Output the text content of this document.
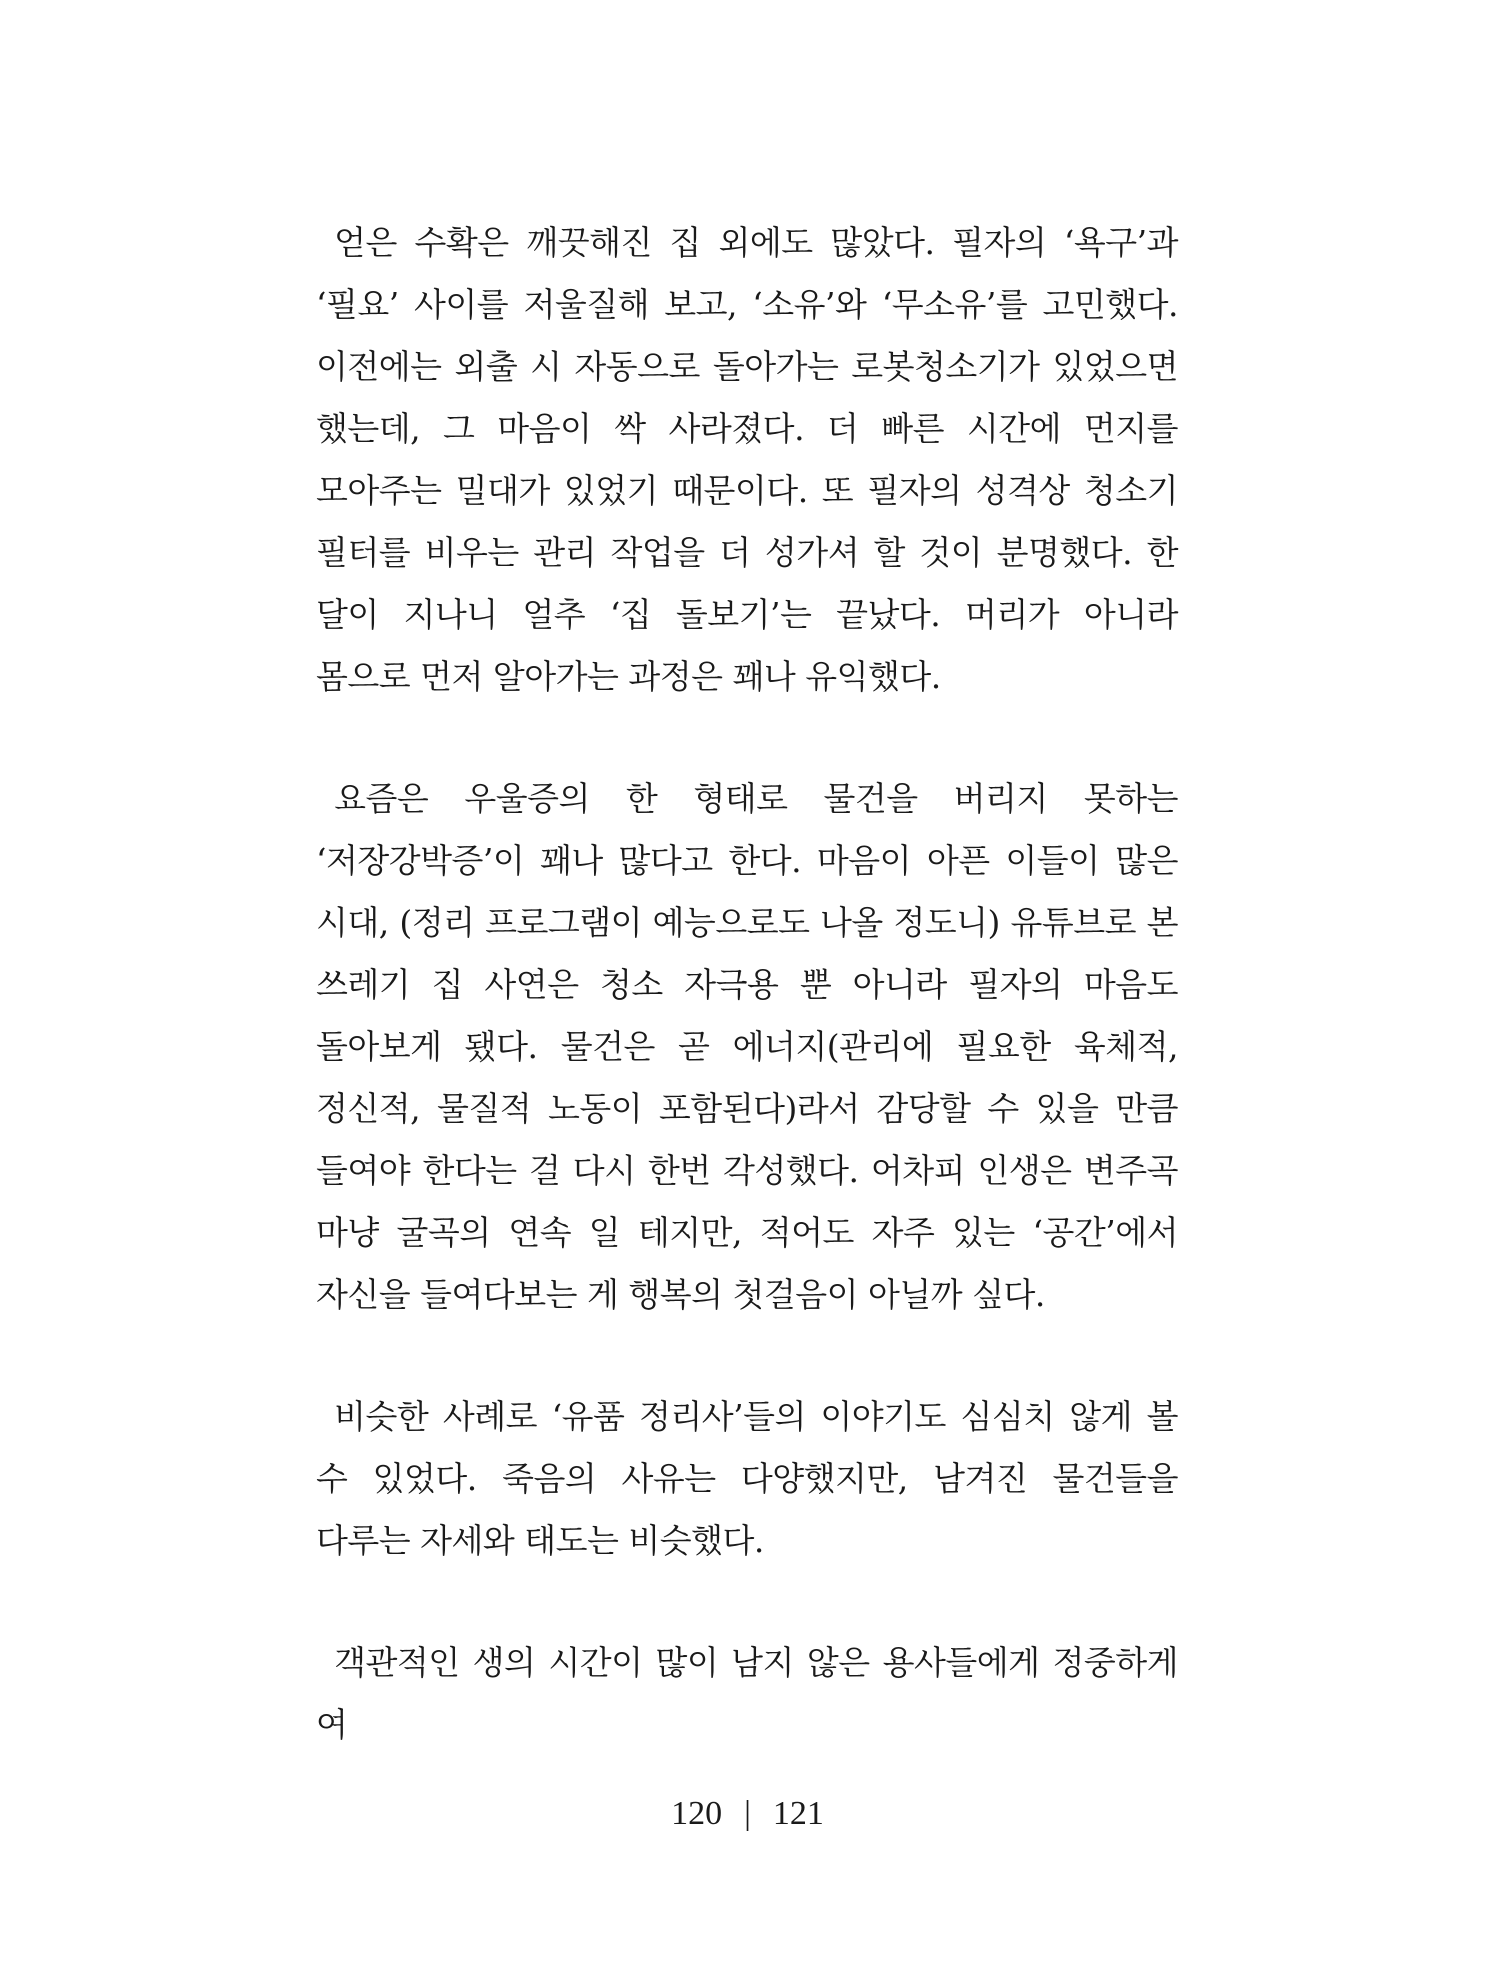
얻은 수확은 깨끗해진 집 외에도 많았다. 필자의 ‘욕구’과 ‘필요’ 사이를 저울질해 보고, ‘소유’와 ‘무소유’를 고민했다. 이전에는 외출 시 자동으로 돌아가는 로봇청소기가 있었으면 했는데, 그 마음이 싹 사라졌다. 더 빠른 시간에 먼지를 모아주는 밀대가 있었기 때문이다. 또 필자의 성격상 청소기 필터를 비우는 관리 작업을 더 성가셔 할 것이 분명했다. 한 달이 지나니 얼추 ‘집 돌보기’는 끝났다. 머리가 아니라 몸으로 먼저 알아가는 과정은 꽤나 유익했다.

요즘은 우울증의 한 형태로 물건을 버리지 못하는 ‘저장강박증’이 꽤나 많다고 한다. 마음이 아픈 이들이 많은 시대, (정리 프로그램이 예능으로도 나올 정도니) 유튜브로 본 쓰레기 집 사연은 청소 자극용 뿐 아니라 필자의 마음도 돌아보게 됐다. 물건은 곧 에너지(관리에 필요한 육체적, 정신적, 물질적 노동이 포함된다)라서 감당할 수 있을 만큼 들여야 한다는 걸 다시 한번 각성했다. 어차피 인생은 변주곡 마냥 굴곡의 연속 일 테지만, 적어도 자주 있는 ‘공간’에서 자신을 들여다보는 게 행복의 첫걸음이 아닐까 싶다.

비슷한 사례로 ‘유품 정리사’들의 이야기도 심심치 않게 볼 수 있었다. 죽음의 사유는 다양했지만, 남겨진 물건들을 다루는 자세와 태도는 비슷했다.

객관적인 생의 시간이 많이 남지 않은 용사들에게 정중하게 여

120 | 121
